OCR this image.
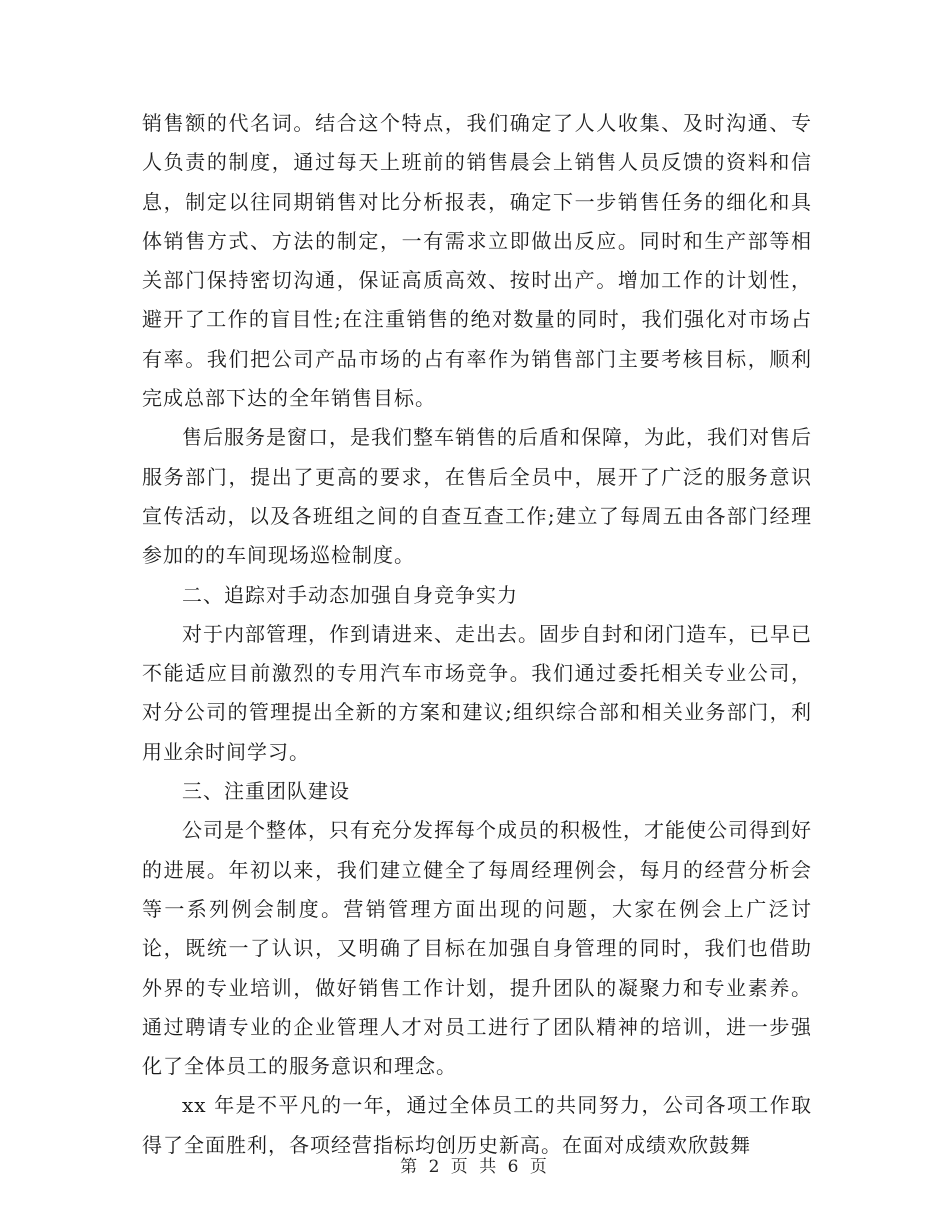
销售额的代名词。结合这个特点，我们确定了人人收集、及时沟通、专人负责的制度，通过每天上班前的销售晨会上销售人员反馈的资料和信息，制定以往同期销售对比分析报表，确定下一步销售任务的细化和具体销售方式、方法的制定，一有需求立即做出反应。同时和生产部等相关部门保持密切沟通，保证高质高效、按时出产。增加工作的计划性，避开了工作的盲目性;在注重销售的绝对数量的同时，我们强化对市场占有率。我们把公司产品市场的占有率作为销售部门主要考核目标，顺利完成总部下达的全年销售目标。

售后服务是窗口，是我们整车销售的后盾和保障，为此，我们对售后服务部门，提出了更高的要求，在售后全员中，展开了广泛的服务意识宣传活动，以及各班组之间的自查互查工作;建立了每周五由各部门经理参加的的车间现场巡检制度。

二、追踪对手动态加强自身竞争实力

对于内部管理，作到请进来、走出去。固步自封和闭门造车，已早已不能适应目前激烈的专用汽车市场竞争。我们通过委托相关专业公司，对分公司的管理提出全新的方案和建议;组织综合部和相关业务部门，利用业余时间学习。

三、注重团队建设

公司是个整体，只有充分发挥每个成员的积极性，才能使公司得到好的进展。年初以来，我们建立健全了每周经理例会，每月的经营分析会等一系列例会制度。营销管理方面出现的问题，大家在例会上广泛讨论，既统一了认识，又明确了目标在加强自身管理的同时，我们也借助外界的专业培训，做好销售工作计划，提升团队的凝聚力和专业素养。通过聘请专业的企业管理人才对员工进行了团队精神的培训，进一步强化了全体员工的服务意识和理念。

xx 年是不平凡的一年，通过全体员工的共同努力，公司各项工作取得了全面胜利，各项经营指标均创历史新高。在面对成绩欢欣鼓舞

第 2 页 共 6 页
